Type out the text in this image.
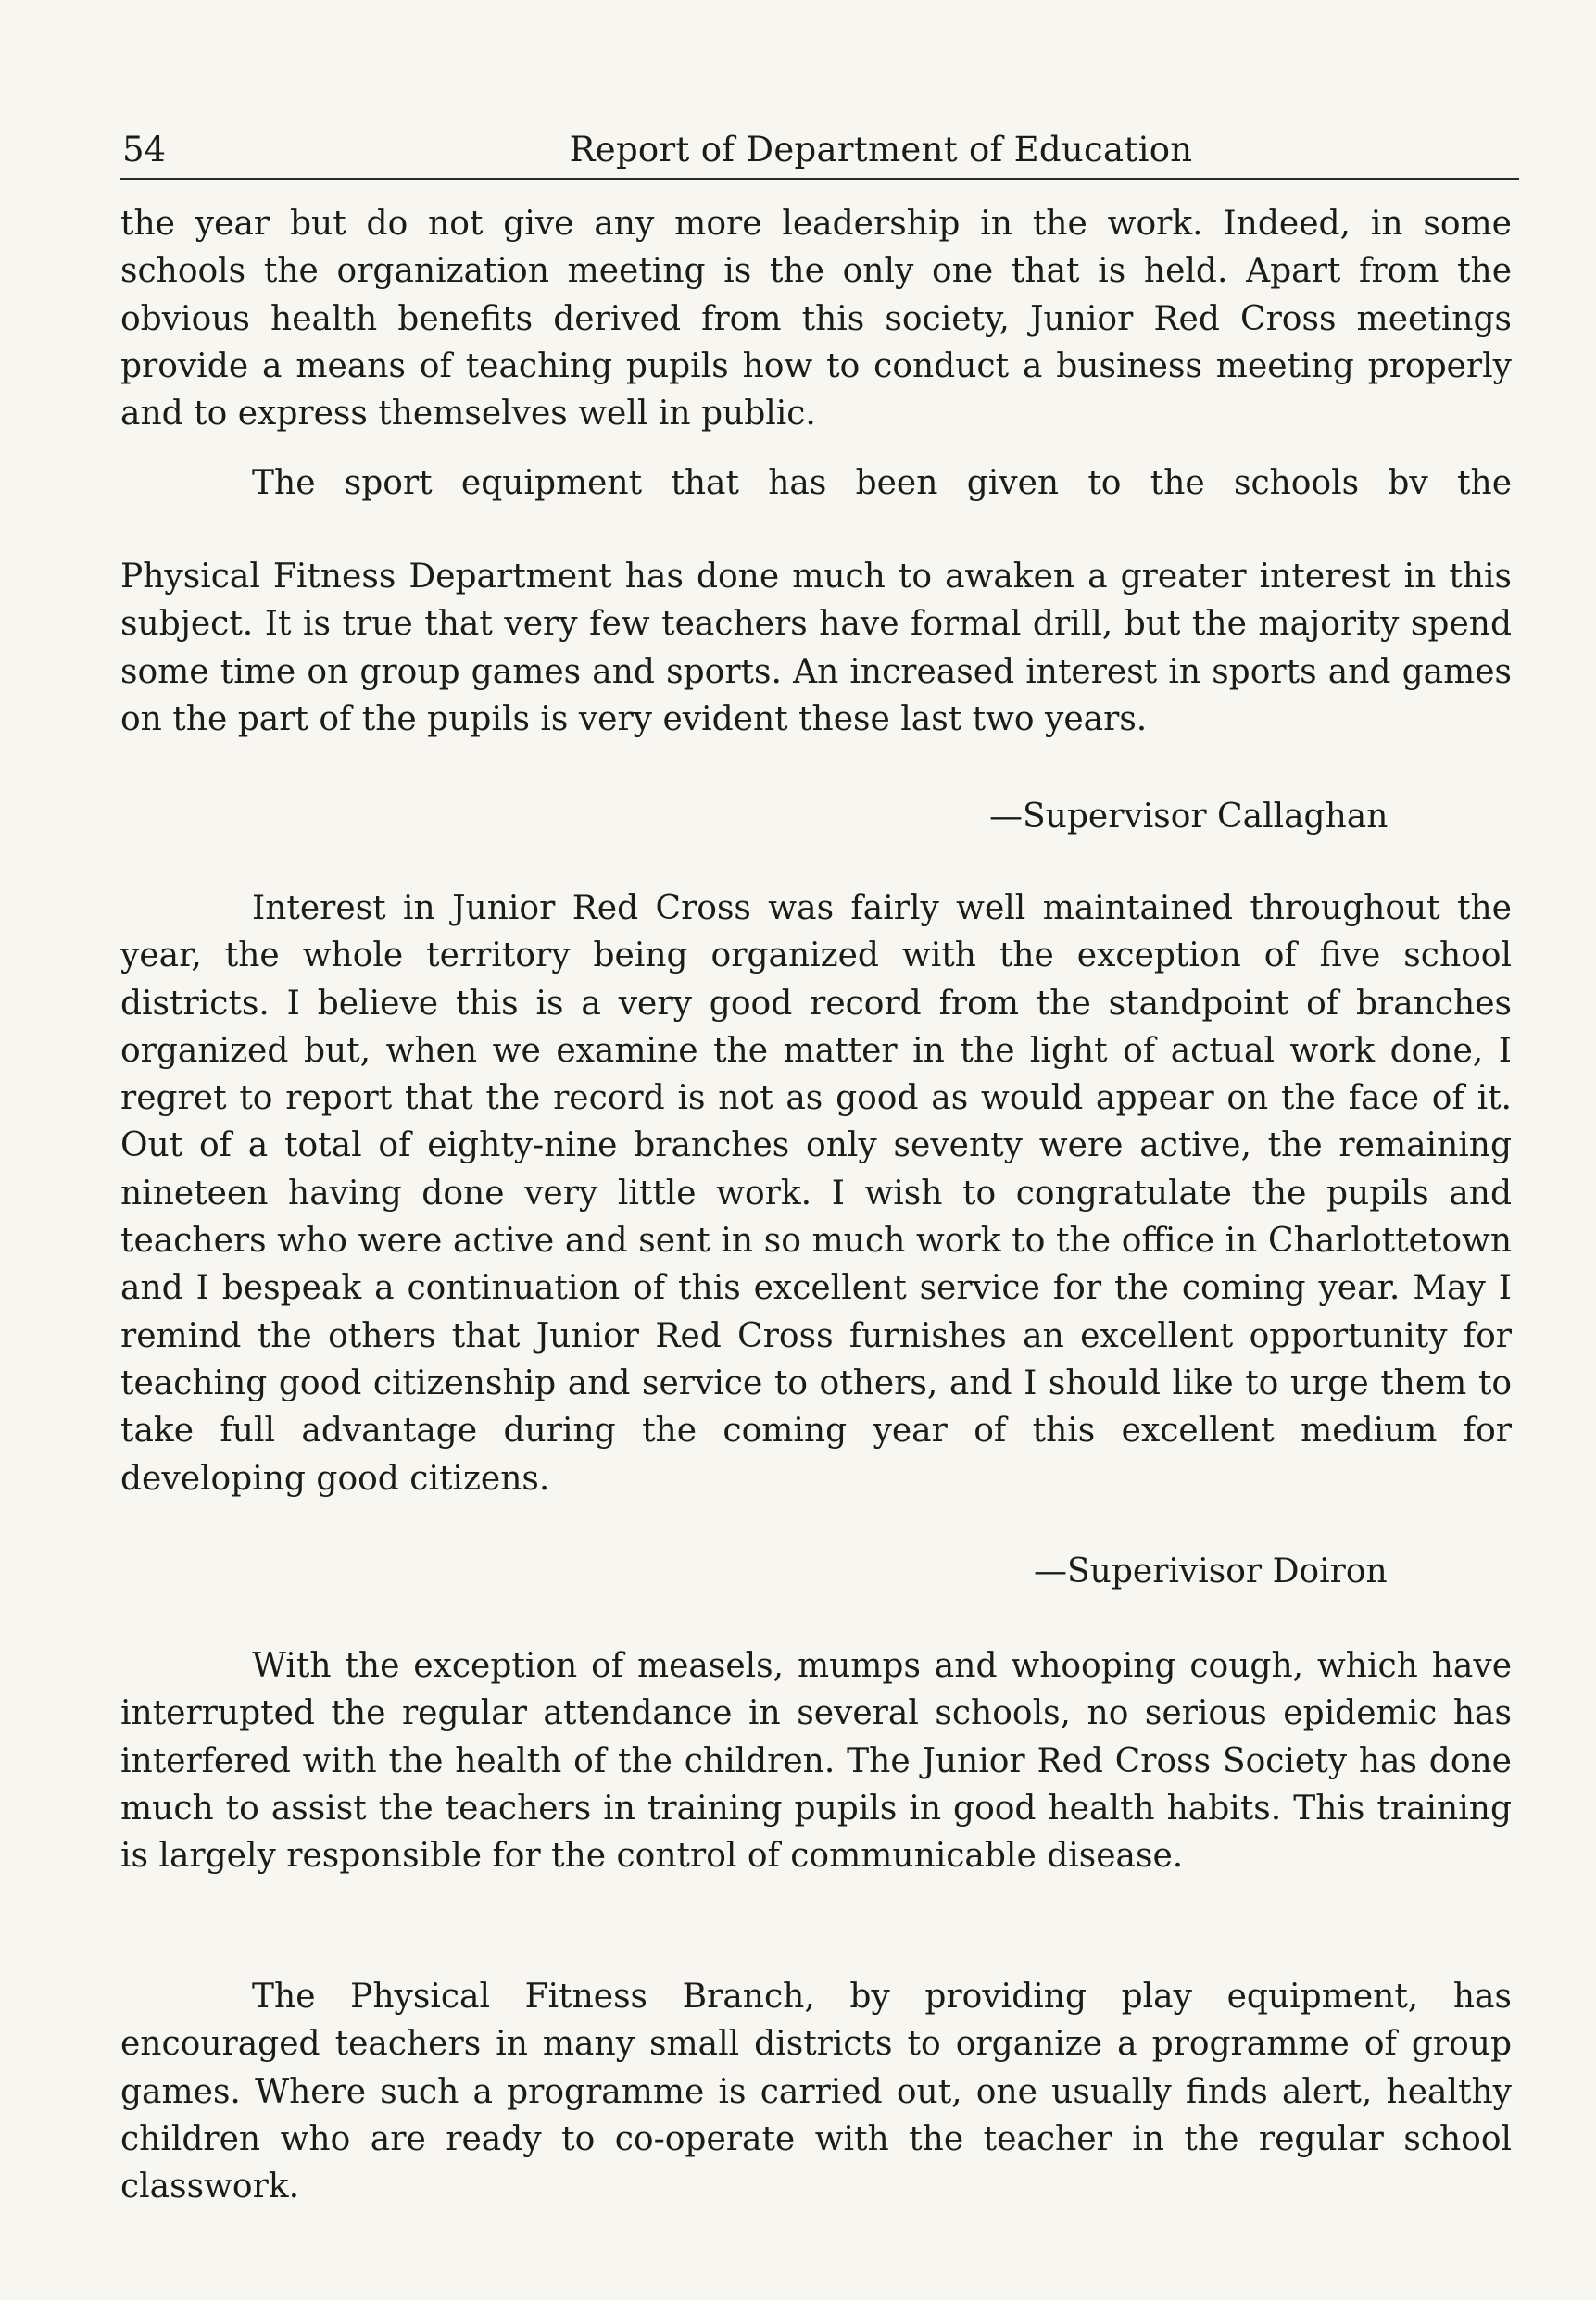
54	Report of Department of Education

the year but do not give any more leadership in the work. Indeed, in some schools the organization meeting is the only one that is held. Apart from the obvious health benefits derived from this society, Junior Red Cross meetings provide a means of teaching pupils how to conduct a business meeting properly and to express themselves well in public.

The sport equipment that has been given to the schools bv the

Physical Fitness Department has done much to awaken a greater interest in this subject. It is true that very few teachers have formal drill, but the majority spend some time on group games and sports. An increased interest in sports and games on the part of the pupils is very evident these last two years.

—Supervisor Callaghan

Interest in Junior Red Cross was fairly well maintained throughout the year, the whole territory being organized with the exception of five school districts. I believe this is a very good record from the standpoint of branches organized but, when we examine the matter in the light of actual work done, I regret to report that the record is not as good as would appear on the face of it. Out of a total of eighty-nine branches only seventy were active, the remaining nineteen having done very little work. I wish to congratulate the pupils and teachers who were active and sent in so much work to the office in Charlottetown and I bespeak a continuation of this excellent service for the coming year. May I remind the others that Junior Red Cross furnishes an excellent opportunity for teaching good citizenship and service to others, and I should like to urge them to take full advantage during the coming year of this excellent medium for developing good citizens.

—Superivisor Doiron

With the exception of measels, mumps and whooping cough, which have interrupted the regular attendance in several schools, no serious epidemic has interfered with the health of the children. The Junior Red Cross Society has done much to assist the teachers in training pupils in good health habits. This training is largely responsible for the control of communicable disease.

The Physical Fitness Branch, by providing play equipment, has encouraged teachers in many small districts to organize a programme of group games. Where such a programme is carried out, one usually finds alert, healthy children who are ready to co-operate with the teacher in the regular school classwork.
